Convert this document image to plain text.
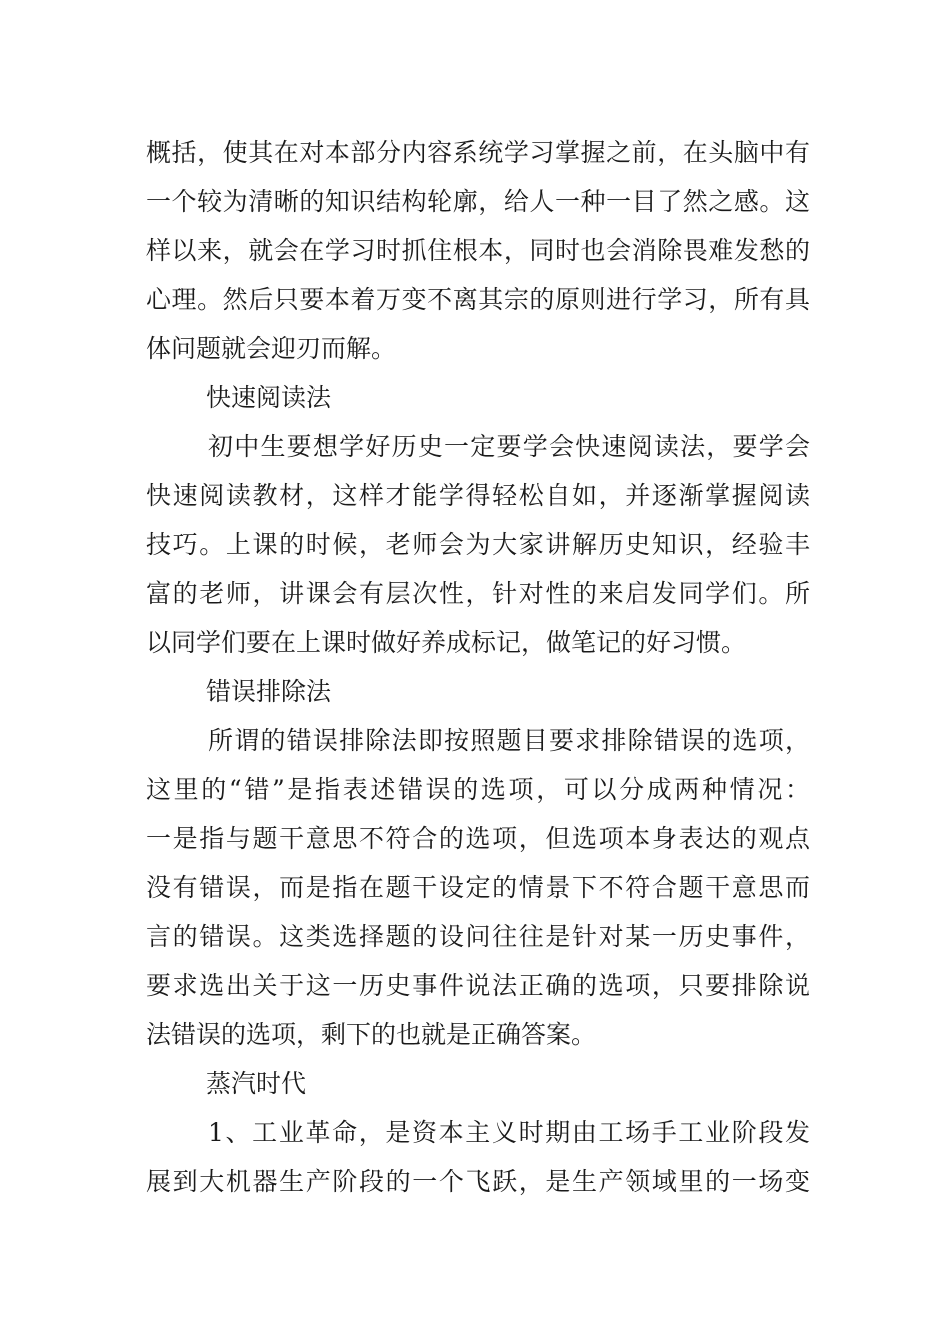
概括，使其在对本部分内容系统学习掌握之前，在头脑中有
一个较为清晰的知识结构轮廓，给人一种一目了然之感。这
样以来，就会在学习时抓住根本，同时也会消除畏难发愁的
心理。然后只要本着万变不离其宗的原则进行学习，所有具
体问题就会迎刃而解。
快速阅读法
初中生要想学好历史一定要学会快速阅读法，要学会
快速阅读教材，这样才能学得轻松自如，并逐渐掌握阅读
技巧。上课的时候，老师会为大家讲解历史知识，经验丰
富的老师，讲课会有层次性，针对性的来启发同学们。所
以同学们要在上课时做好养成标记，做笔记的好习惯。
错误排除法
所谓的错误排除法即按照题目要求排除错误的选项，
这里的“错”是指表述错误的选项，可以分成两种情况：
一是指与题干意思不符合的选项，但选项本身表达的观点
没有错误，而是指在题干设定的情景下不符合题干意思而
言的错误。这类选择题的设问往往是针对某一历史事件，
要求选出关于这一历史事件说法正确的选项，只要排除说
法错误的选项，剩下的也就是正确答案。
蒸汽时代
1、工业革命，是资本主义时期由工场手工业阶段发
展到大机器生产阶段的一个飞跃，是生产领域里的一场变
